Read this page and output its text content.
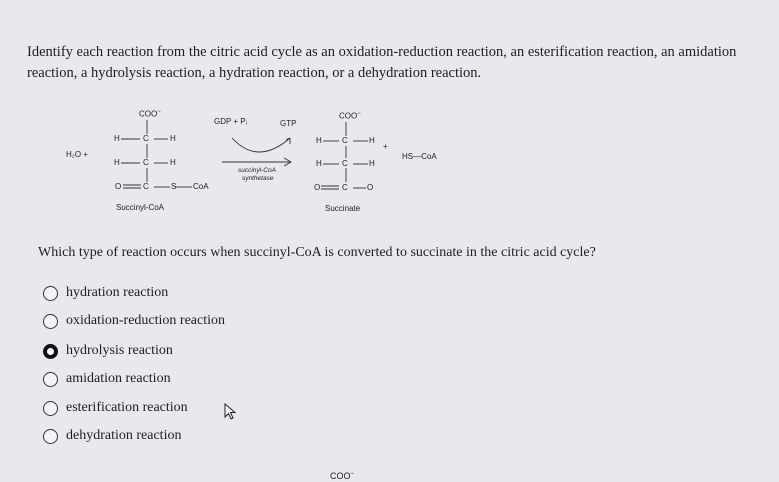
Identify each reaction from the citric acid cycle as an oxidation-reduction reaction, an esterification reaction, an amidation
reaction, a hydrolysis reaction, a hydration reaction, or a dehydration reaction.
COO−
H₂O +
H	C	H
H	C	H
O	C	S CoA
Succinyl-CoA
GDP + Pᵢ	GTP
succinyl-CoA
synthetase
COO−
H	C	H
H	C	H
O	C O
+
HS—CoA
Succinate
Which type of reaction occurs when succinyl-CoA is converted to succinate in the citric acid cycle?
hydration reaction
oxidation-reduction reaction
hydrolysis reaction
amidation reaction
esterification reaction
dehydration reaction
COO−
